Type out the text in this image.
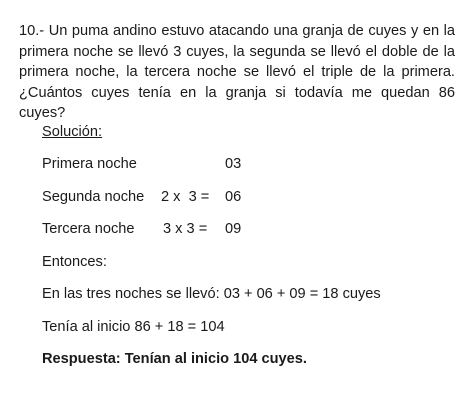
10.- Un puma andino estuvo atacando una granja de cuyes y en la primera noche se llevó 3 cuyes, la segunda se llevó el doble de la primera noche, la tercera noche se llevó el triple de la primera. ¿Cuántos cuyes tenía en la granja si todavía me quedan 86 cuyes?

Solución:
Primera noche	03
Segunda noche 2 x  3 = 06
Tercera noche 3 x 3 = 09
Entonces:
En las tres noches se llevó: 03 + 06 + 09 = 18 cuyes
Tenía al inicio 86 + 18 = 104
Respuesta: Tenían al inicio 104 cuyes.
